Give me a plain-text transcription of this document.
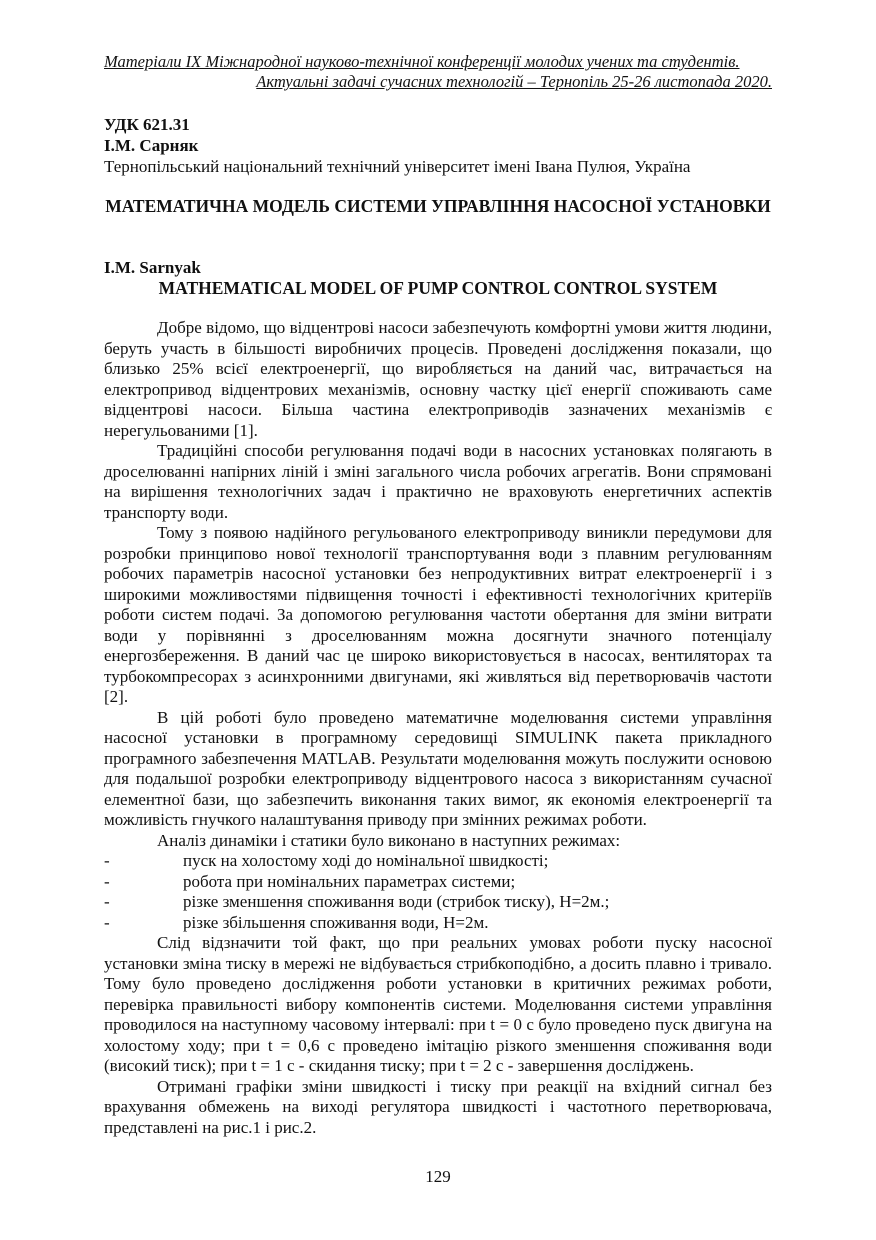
Матеріали IX Міжнародної науково-технічної конференції молодих учених та студентів.
Актуальні задачі сучасних технологій – Тернопіль 25-26 листопада 2020.
УДК 621.31
І.М. Сарняк
Тернопільський національний технічний університет імені Івана Пулюя, Україна
МАТЕМАТИЧНА МОДЕЛЬ СИСТЕМИ УПРАВЛІННЯ НАСОСНОЇ УСТАНОВКИ
I.M. Sarnyak
MATHEMATICAL MODEL OF PUMP CONTROL CONTROL SYSTEM

Добре відомо, що відцентрові насоси забезпечують комфортні умови життя людини, беруть участь в більшості виробничих процесів. Проведені дослідження показали, що близько 25% всієї електроенергії, що виробляється на даний час, витрачається на електропривод відцентрових механізмів, основну частку цієї енергії споживають саме відцентрові насоси. Більша частина електроприводів зазначених механізмів є нерегульованими [1].

Традиційні способи регулювання подачі води в насосних установках полягають в дроселюванні напірних ліній і зміні загального числа робочих агрегатів. Вони спрямовані на вирішення технологічних задач і практично не враховують енергетичних аспектів транспорту води.

Тому з появою надійного регульованого електроприводу виникли передумови для розробки принципово нової технології транспортування води з плавним регулюванням робочих параметрів насосної установки без непродуктивних витрат електроенергії і з широкими можливостями підвищення точності і ефективності технологічних критеріїв роботи систем подачі. За допомогою регулювання частоти обертання для зміни витрати води у порівнянні з дроселюванням можна досягнути значного потенціалу енергозбереження. В даний час це широко використовується в насосах, вентиляторах та турбокомпресорах з асинхронними двигунами, які живляться від перетворювачів частоти [2].

В цій роботі було проведено математичне моделювання системи управління насосної установки в програмному середовищі SIMULINK пакета прикладного програмного забезпечення MATLAB. Результати моделювання можуть послужити основою для подальшої розробки електроприводу відцентрового насоса з використанням сучасної елементної бази, що забезпечить виконання таких вимог, як економія електроенергії та можливість гнучкого налаштування приводу при змінних режимах роботи.

Аналіз динаміки і статики було виконано в наступних режимах:

-	пуск на холостому ході до номінальної швидкості;
-	робота при номінальних параметрах системи;
-	різке зменшення споживання води (стрибок тиску), Н=2м.;
-	різке збільшення споживання води, Н=2м.

Слід відзначити той факт, що при реальних умовах роботи пуску насосної установки зміна тиску в мережі не відбувається стрибкоподібно, а досить плавно і тривало. Тому було проведено дослідження роботи установки в критичних режимах роботи, перевірка правильності вибору компонентів системи. Моделювання системи управління проводилося на наступному часовому інтервалі: при t = 0 с було проведено пуск двигуна на холостому ходу; при t = 0,6 с проведено імітацію різкого зменшення споживання води (високий тиск); при t = 1 с - скидання тиску; при t = 2 с - завершення досліджень.

Отримані графіки зміни швидкості і тиску при реакції на вхідний сигнал без врахування обмежень на виході регулятора швидкості і частотного перетворювача, представлені на рис.1 і рис.2.

129
